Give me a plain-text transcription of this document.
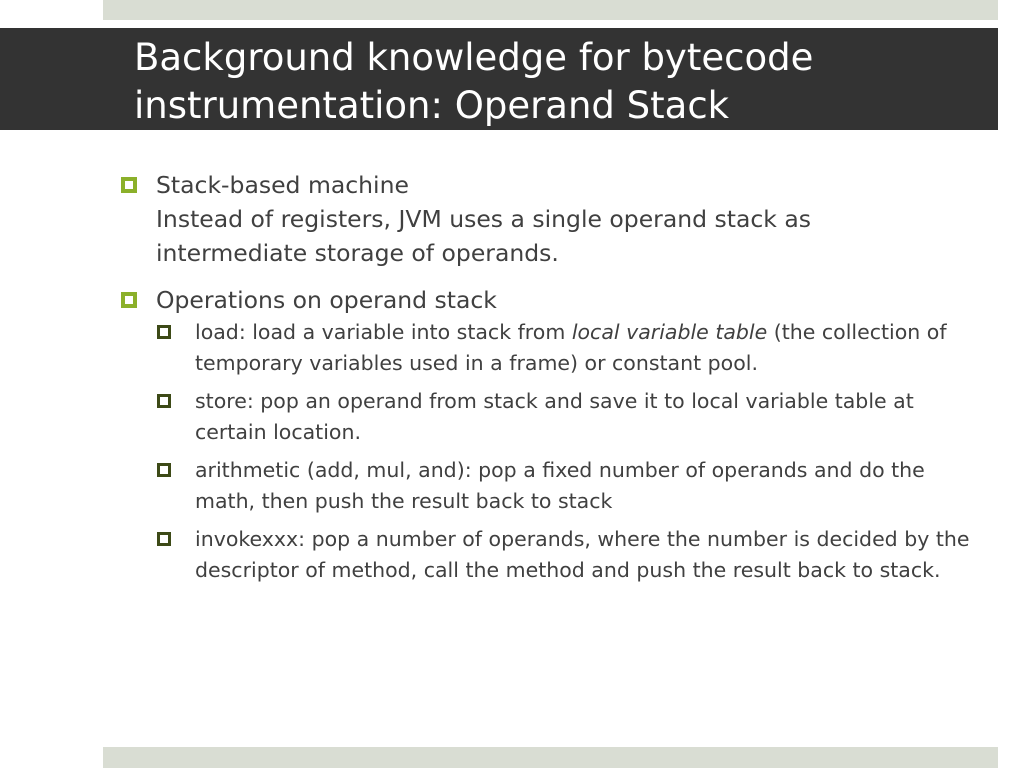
Background knowledge for bytecode
instrumentation: Operand Stack
Stack-based machine
Instead of registers, JVM uses a single operand stack as
intermediate storage of operands.
Operations on operand stack
load: load a variable into stack from local variable table (the collection of temporary variables used in a frame) or constant pool.
store: pop an operand from stack and save it to local variable table at certain location.
arithmetic (add, mul, and): pop a fixed number of operands and do the math, then push the result back to stack
invokexxx: pop a number of operands, where the number is decided by the descriptor of method, call the method and push the result back to stack.
